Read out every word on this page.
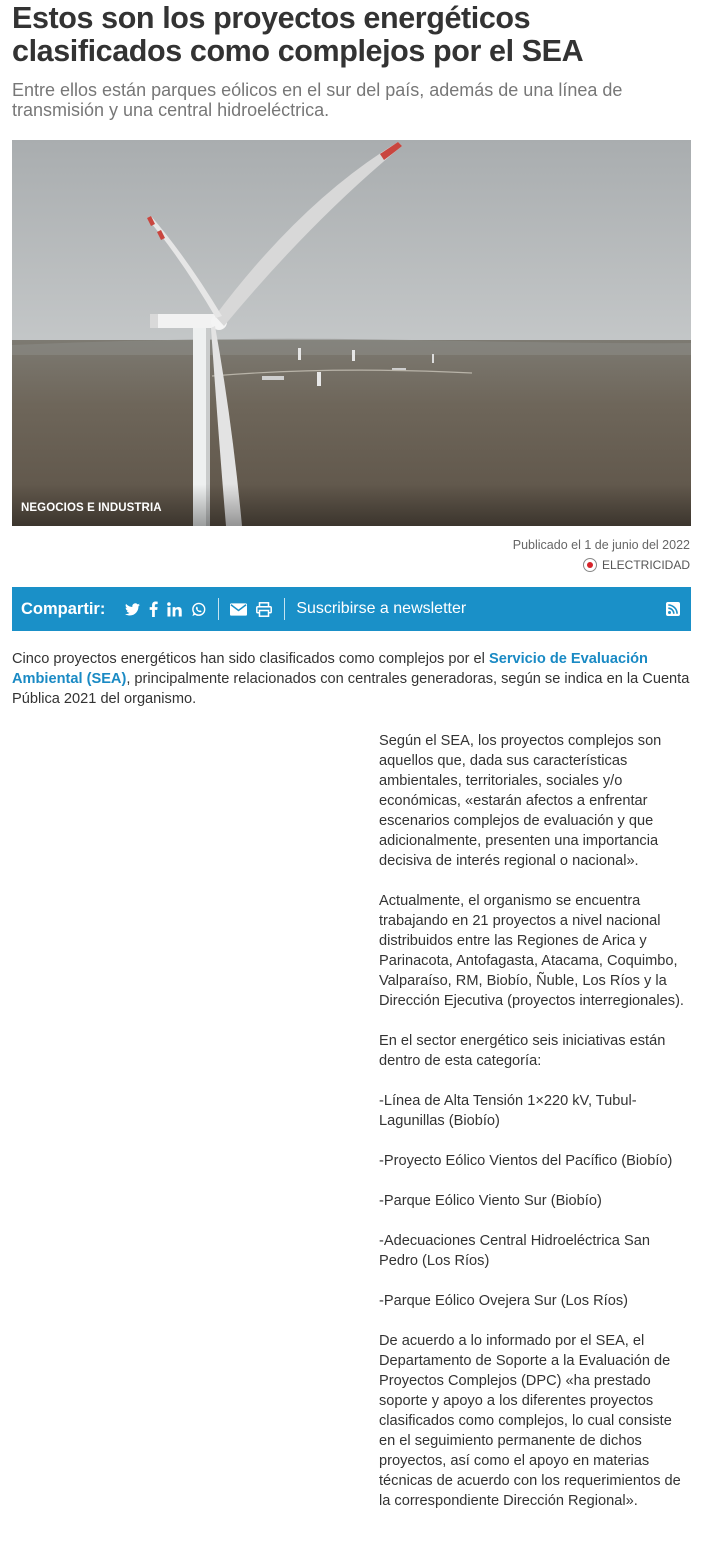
Estos son los proyectos energéticos clasificados como complejos por el SEA

Entre ellos están parques eólicos en el sur del país, además de una línea de transmisión y una central hidroeléctrica.

NEGOCIOS E INDUSTRIA
Publicado el 1 de junio del 2022
ELECTRICIDAD
Compartir:	Suscribirse a newsletter

Cinco proyectos energéticos han sido clasificados como complejos por el Servicio de Evaluación Ambiental (SEA), principalmente relacionados con centrales generadoras, según se indica en la Cuenta Pública 2021 del organismo.

Según el SEA, los proyectos complejos son aquellos que, dada sus características ambientales, territoriales, sociales y/o económicas, «estarán afectos a enfrentar escenarios complejos de evaluación y que adicionalmente, presenten una importancia decisiva de interés regional o nacional».

Actualmente, el organismo se encuentra trabajando en 21 proyectos a nivel nacional distribuidos entre las Regiones de Arica y Parinacota, Antofagasta, Atacama, Coquimbo, Valparaíso, RM, Biobío, Ñuble, Los Ríos y la Dirección Ejecutiva (proyectos interregionales).

En el sector energético seis iniciativas están dentro de esta categoría:

-Línea de Alta Tensión 1×220 kV, Tubul-Lagunillas (Biobío)

-Proyecto Eólico Vientos del Pacífico (Biobío)

-Parque Eólico Viento Sur (Biobío)

-Adecuaciones Central Hidroeléctrica San Pedro (Los Ríos)

-Parque Eólico Ovejera Sur (Los Ríos)

De acuerdo a lo informado por el SEA, el Departamento de Soporte a la Evaluación de Proyectos Complejos (DPC) «ha prestado soporte y apoyo a los diferentes proyectos clasificados como complejos, lo cual consiste en el seguimiento permanente de dichos proyectos, así como el apoyo en materias técnicas de acuerdo con los requerimientos de la correspondiente Dirección Regional».
